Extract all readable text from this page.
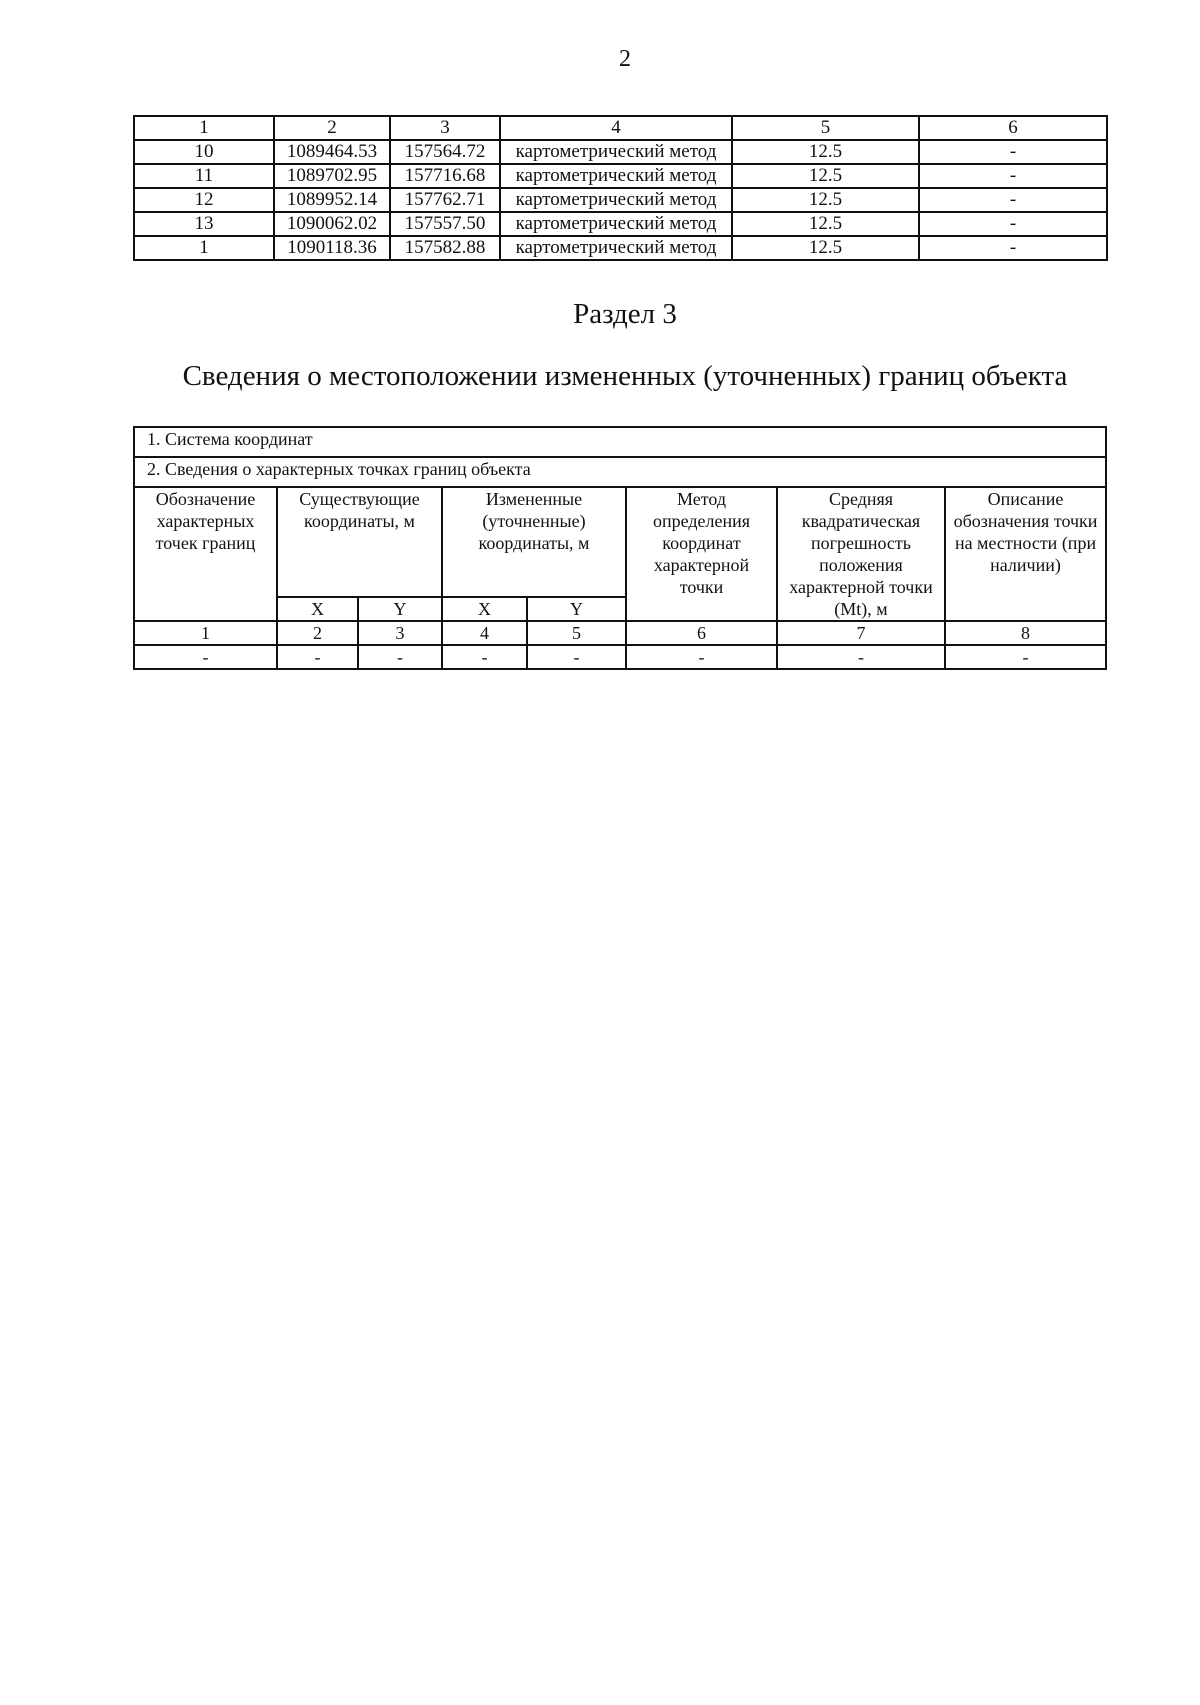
2
1	2	3	4	5	6
10	1089464.53	157564.72	картометрический метод	12.5	-
11	1089702.95	157716.68	картометрический метод	12.5	-
12	1089952.14	157762.71	картометрический метод	12.5	-
13	1090062.02	157557.50	картометрический метод	12.5	-
1	1090118.36	157582.88	картометрический метод	12.5	-
Раздел 3
Сведения о местоположении измененных (уточненных) границ объекта
1. Система координат							
2. Сведения о характерных точках границ объекта							
Обозначение характерных точек границ	Существующие координаты, м		Измененные (уточненные) координаты, м		Метод определения координат характерной точки	Средняя квадратическая погрешность положения характерной точки (Mt), м	Описание обозначения точки на местности (при наличии)
	X	Y	X	Y			
1	2	3	4	5	6	7	8
-	-	-	-	-	-	-	-
